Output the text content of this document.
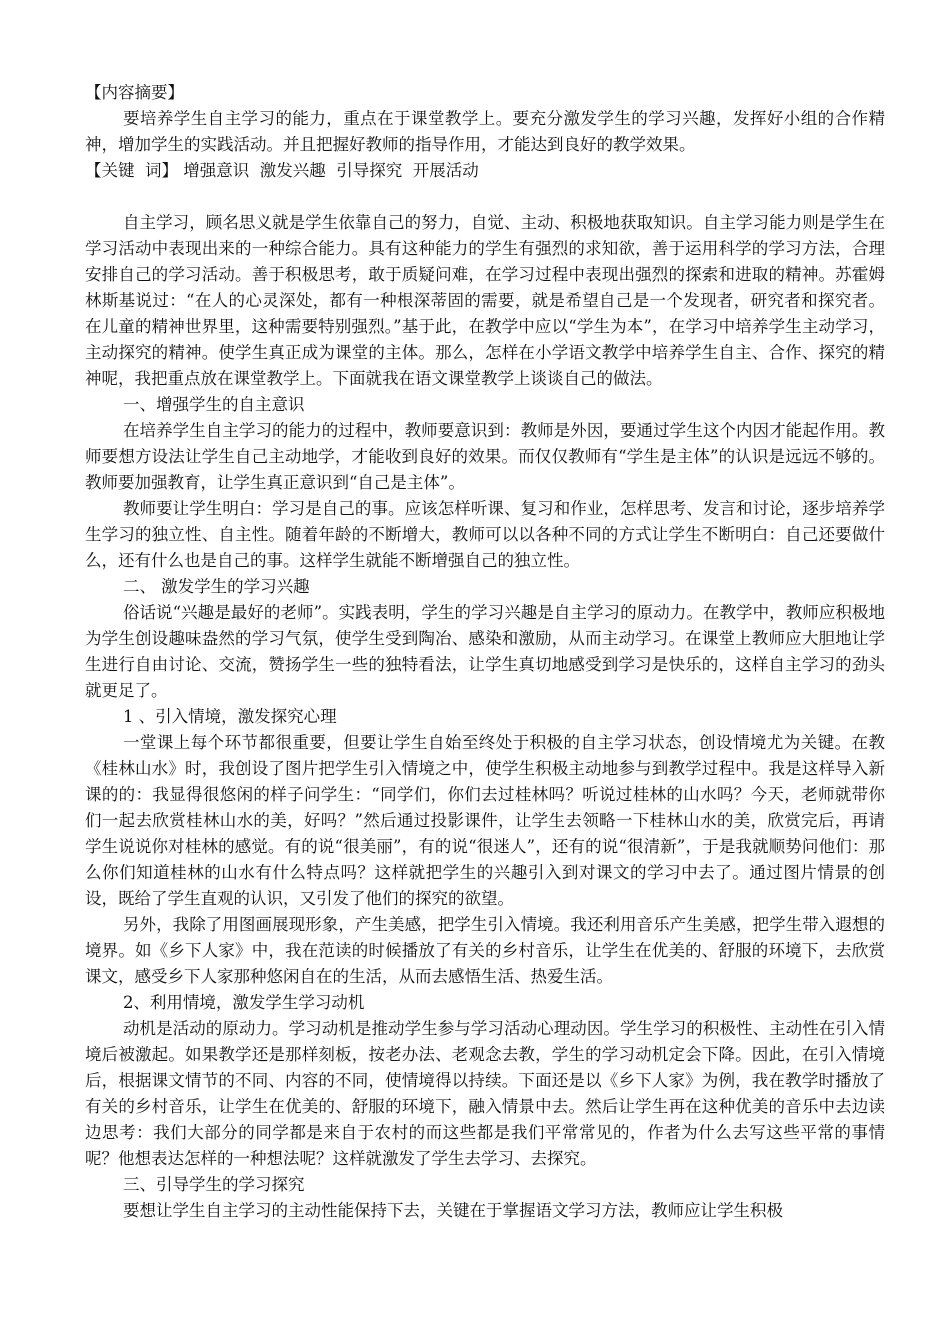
【内容摘要】

要培养学生自主学习的能力，重点在于课堂教学上。要充分激发学生的学习兴趣，发挥好小组的合作精神，增加学生的实践活动。并且把握好教师的指导作用，才能达到良好的教学效果。

【关键  词】 增强意识  激发兴趣  引导探究  开展活动

自主学习，顾名思义就是学生依靠自己的努力，自觉、主动、积极地获取知识。自主学习能力则是学生在学习活动中表现出来的一种综合能力。具有这种能力的学生有强烈的求知欲，善于运用科学的学习方法，合理安排自己的学习活动。善于积极思考，敢于质疑问难，在学习过程中表现出强烈的探索和进取的精神。苏霍姆林斯基说过：“在人的心灵深处，都有一种根深蒂固的需要，就是希望自己是一个发现者，研究者和探究者。在儿童的精神世界里，这种需要特别强烈。”基于此，在教学中应以“学生为本”，在学习中培养学生主动学习，主动探究的精神。使学生真正成为课堂的主体。那么，怎样在小学语文教学中培养学生自主、合作、探究的精神呢，我把重点放在课堂教学上。下面就我在语文课堂教学上谈谈自己的做法。

一、增强学生的自主意识

在培养学生自主学习的能力的过程中，教师要意识到：教师是外因，要通过学生这个内因才能起作用。教师要想方设法让学生自己主动地学，才能收到良好的效果。而仅仅教师有“学生是主体”的认识是远远不够的。教师要加强教育，让学生真正意识到“自己是主体”。

教师要让学生明白：学习是自己的事。应该怎样听课、复习和作业，怎样思考、发言和讨论，逐步培养学生学习的独立性、自主性。随着年龄的不断增大，教师可以以各种不同的方式让学生不断明白：自己还要做什么，还有什么也是自己的事。这样学生就能不断增强自己的独立性。

二、 激发学生的学习兴趣

俗话说“兴趣是最好的老师”。实践表明，学生的学习兴趣是自主学习的原动力。在教学中，教师应积极地为学生创设趣味盎然的学习气氛，使学生受到陶冶、感染和激励，从而主动学习。在课堂上教师应大胆地让学生进行自由讨论、交流，赞扬学生一些的独特看法，让学生真切地感受到学习是快乐的，这样自主学习的劲头就更足了。

1 、引入情境，激发探究心理

一堂课上每个环节都很重要，但要让学生自始至终处于积极的自主学习状态，创设情境尤为关键。在教《桂林山水》时，我创设了图片把学生引入情境之中，使学生积极主动地参与到教学过程中。我是这样导入新课的的：我显得很悠闲的样子问学生：“同学们，你们去过桂林吗？听说过桂林的山水吗？今天，老师就带你们一起去欣赏桂林山水的美，好吗？”然后通过投影课件，让学生去领略一下桂林山水的美，欣赏完后，再请学生说说你对桂林的感觉。有的说“很美丽”，有的说“很迷人”，还有的说“很清新”，于是我就顺势问他们：那么你们知道桂林的山水有什么特点吗？这样就把学生的兴趣引入到对课文的学习中去了。通过图片情景的创设，既给了学生直观的认识，又引发了他们的探究的欲望。

另外，我除了用图画展现形象，产生美感，把学生引入情境。我还利用音乐产生美感，把学生带入遐想的境界。如《乡下人家》中，我在范读的时候播放了有关的乡村音乐，让学生在优美的、舒服的环境下，去欣赏课文，感受乡下人家那种悠闲自在的生活，从而去感悟生活、热爱生活。

2、利用情境，激发学生学习动机

动机是活动的原动力。学习动机是推动学生参与学习活动心理动因。学生学习的积极性、主动性在引入情境后被激起。如果教学还是那样刻板，按老办法、老观念去教，学生的学习动机定会下降。因此，在引入情境后，根据课文情节的不同、内容的不同，使情境得以持续。下面还是以《乡下人家》为例，我在教学时播放了有关的乡村音乐，让学生在优美的、舒服的环境下，融入情景中去。然后让学生再在这种优美的音乐中去边读边思考：我们大部分的同学都是来自于农村的而这些都是我们平常常见的，作者为什么去写这些平常的事情呢？他想表达怎样的一种想法呢？这样就激发了学生去学习、去探究。

三、引导学生的学习探究

要想让学生自主学习的主动性能保持下去，关键在于掌握语文学习方法，教师应让学生积极
